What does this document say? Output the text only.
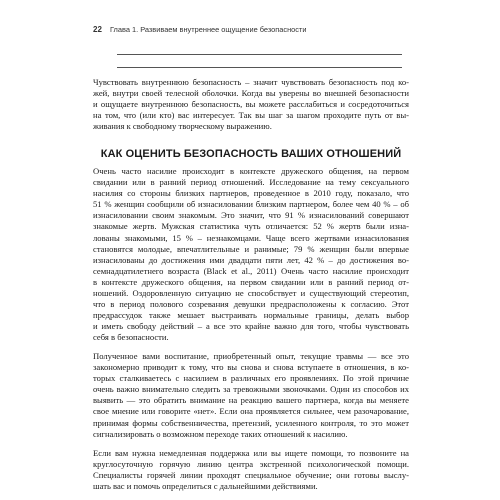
22 Глава 1. Развиваем внутреннее ощущение безопасности

Чувствовать внутреннюю безопасность – значит чувствовать безопасность под ко-
жей, внутри своей телесной оболочки. Когда вы уверены во внешней безопасности
и ощущаете внутреннюю безопасность, вы можете расслабиться и сосредоточиться
на том, что (или кто) вас интересует. Так вы шаг за шагом проходите путь от вы-
живания к свободному творческому выражению.

КАК ОЦЕНИТЬ БЕЗОПАСНОСТЬ ВАШИХ ОТНОШЕНИЙ

Очень часто насилие происходит в контексте дружеского общения, на первом
свидании или в ранний период отношений. Исследование на тему сексуального
насилия со стороны близких партнеров, проведенное в 2010 году, показало, что
51 % женщин сообщили об изнасиловании близким партнером, более чем 40 % – об
изнасиловании своим знакомым. Это значит, что 91 % изнасилований совершают
знакомые жертв. Мужская статистика чуть отличается: 52 % жертв были изна-
лованы знакомыми, 15 % – незнакомцами. Чаще всего жертвами изнасилования
становятся молодые, впечатлительные и ранимые; 79 % женщин были впервые
изнасилованы до достижения ими двадцати пяти лет, 42 % – до достижения во-
семнадцатилетнего возраста (Black et al., 2011) Очень часто насилие происходит
в контексте дружеского общения, на первом свидании или в ранний период от-
ношений. Оздоровленную ситуацию не способствует и существующий стереотип,
что в период полового созревания девушки предрасположены к согласию. Этот
предрассудок также мешает выстраивать нормальные границы, делать выбор
и иметь свободу действий – а все это крайне важно для того, чтобы чувствовать
себя в безопасности.

Полученное вами воспитание, приобретенный опыт, текущие травмы — все это
закономерно приводит к тому, что вы снова и снова вступаете в отношения, в ко-
торых сталкиваетесь с насилием в различных его проявлениях. По этой причине
очень важно внимательно следить за тревожными звоночками. Один из способов их
выявить — это обратить внимание на реакцию вашего партнера, когда вы меняете
свое мнение или говорите «нет». Если она проявляется сильнее, чем разочарование,
принимая формы собственничества, претензий, усиленного контроля, то это может
сигнализировать о возможном переходе таких отношений к насилию.

Если вам нужна немедленная поддержка или вы ищете помощи, то позвоните на
круглосуточную горячую линию центра экстренной психологической помощи.
Специалисты горячей линии проходят специальное обучение; они готовы выслу-
шать вас и помочь определиться с дальнейшими действиями.
